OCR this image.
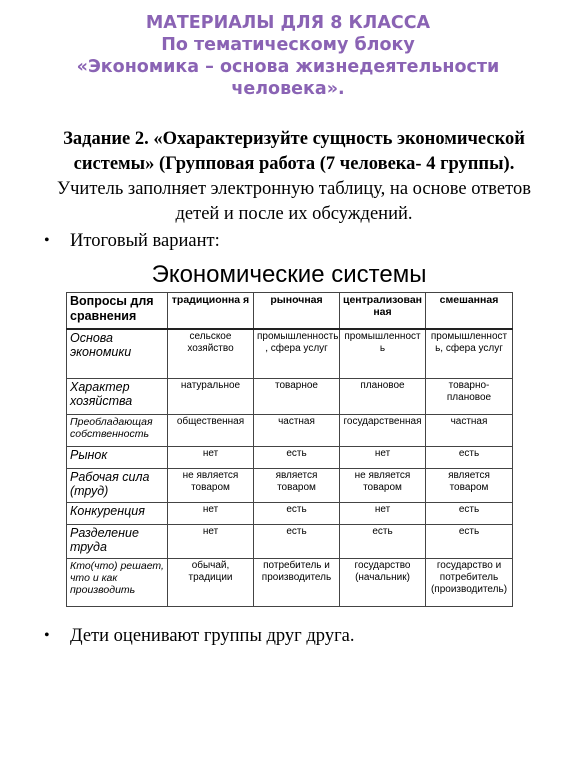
МАТЕРИАЛЫ ДЛЯ 8 КЛАССА
По тематическому блоку
«Экономика – основа жизнедеятельности
человека».
Задание 2. «Охарактеризуйте сущность экономической системы» (Групповая работа (7 человека- 4 группы).
Учитель заполняет электронную таблицу, на основе ответов детей и после их обсуждений.
•	Итоговый вариант:
Экономические системы
Вопросы для сравнения	традиционна я	рыночная	централизован ная	смешанная
Основа экономики	сельское хозяйство	промышленность , сфера услуг	промышленност ь	промышленност ь, сфера услуг
Характер хозяйства	натуральное	товарное	плановое	товарно-плановое
Преобладающая собственность	общественная	частная	государственная	частная
Рынок	нет	есть	нет	есть
Рабочая сила (труд)	не является товаром	является товаром	не является товаром	является товаром
Конкуренция	нет	есть	нет	есть
Разделение труда	нет	есть	есть	есть
Кто(что) решает, что и как производить	обычай, традиции	потребитель и производитель	государство (начальник)	государство и потребитель (производитель)
•	Дети оценивают группы друг друга.
